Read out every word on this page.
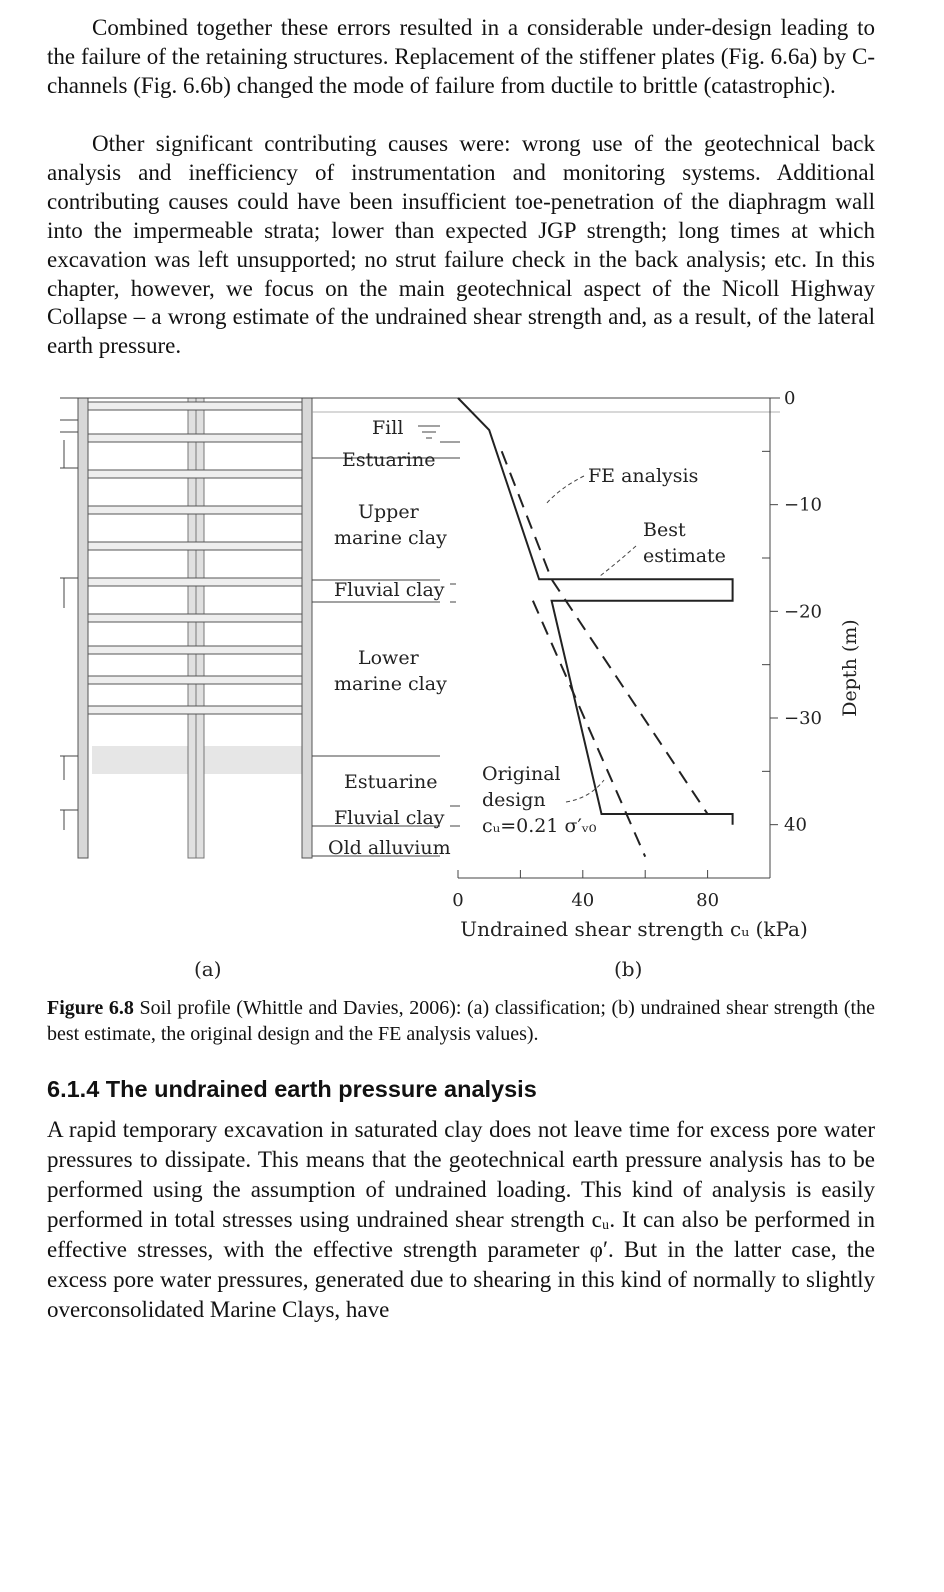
Combined together these errors resulted in a considerable under-design leading to the failure of the retaining structures. Replacement of the stiffener plates (Fig. 6.6a) by C-channels (Fig. 6.6b) changed the mode of failure from ductile to brittle (catastrophic).

Other significant contributing causes were: wrong use of the geotechnical back analysis and inefficiency of instrumentation and monitoring systems. Additional contributing causes could have been insufficient toe-penetration of the diaphragm wall into the impermeable strata; lower than expected JGP strength; long times at which excavation was left unsupported; no strut failure check in the back analysis; etc. In this chapter, however, we focus on the main geotechnical aspect of the Nicoll Highway Collapse – a wrong estimate of the undrained shear strength and, as a result, of the lateral earth pressure.

Fill
Estuarine
Upper
marine clay
Fluvial clay
Lower
marine clay
Estuarine
Fluvial clay
Old alluvium
0	40	80
0
−10
−20
−30
40
Undrained shear strength cᵤ (kPa)
Depth (m)
FE analysis
Best
estimate
Original
design
cᵤ=0.21 σ′ᵥ₀
(a)	(b)

Figure 6.8 Soil profile (Whittle and Davies, 2006): (a) classification; (b) undrained shear strength (the best estimate, the original design and the FE analysis values).

6.1.4 The undrained earth pressure analysis

A rapid temporary excavation in saturated clay does not leave time for excess pore water pressures to dissipate. This means that the geotechnical earth pressure analysis has to be performed using the assumption of undrained loading. This kind of analysis is easily performed in total stresses using undrained shear strength cᵤ. It can also be performed in effective stresses, with the effective strength parameter φ′. But in the latter case, the excess pore water pressures, generated due to shearing in this kind of normally to slightly overconsolidated Marine Clays, have
